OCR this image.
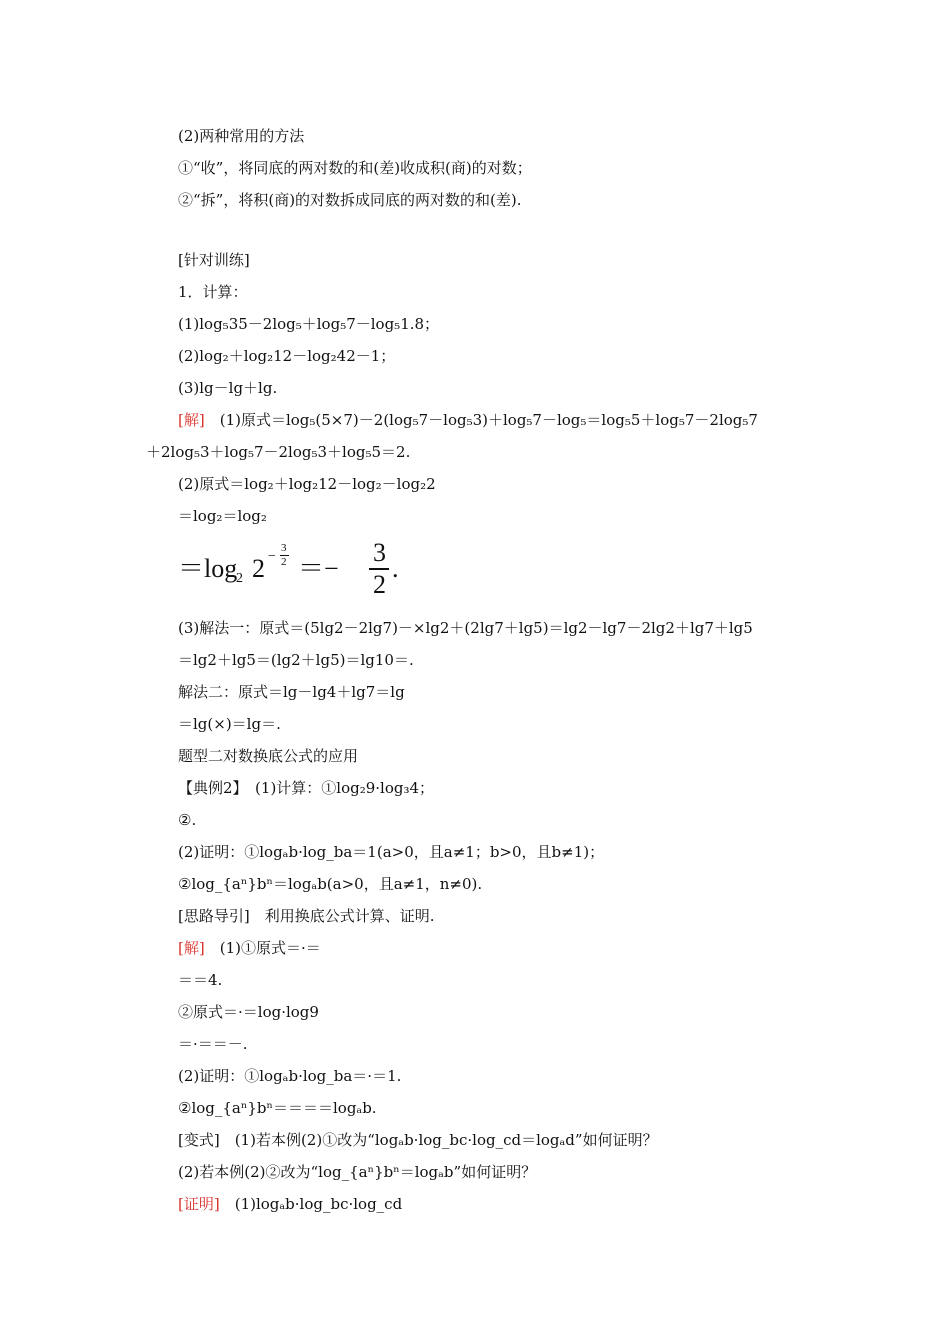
(2)两种常用的方法
①“收”，将同底的两对数的和(差)收成积(商)的对数；
②“拆”，将积(商)的对数拆成同底的两对数的和(差).
[针对训练]
1．计算：
(1)log₅35－2log₅＋log₅7－log₅1.8；
(2)log₂＋log₂12－log₂42－1；
(3)lg－lg＋lg.
[解]　(1)原式＝log₅(5×7)－2(log₅7－log₅3)＋log₅7－log₅＝log₅5＋log₅7－2log₅7
＋2log₅3＋log₅7－2log₅3＋log₅5＝2.
(2)原式＝log₂＋log₂12－log₂－log₂2
＝log₂＝log₂
＝log
2 2 −
3
2 ＝−
3
2
.
(3)解法一：原式＝(5lg2－2lg7)－×lg2＋(2lg7＋lg5)＝lg2－lg7－2lg2＋lg7＋lg5
＝lg2＋lg5＝(lg2＋lg5)＝lg10＝.
解法二：原式＝lg－lg4＋lg7＝lg
＝lg(×)＝lg＝.
题型二对数换底公式的应用
【典例2】　(1)计算：①log₂9·log₃4；
②.
(2)证明：①logₐb·log_ba＝1(a>0，且a≠1；b>0，且b≠1)；
②log_{aⁿ}bⁿ＝logₐb(a>0，且a≠1，n≠0).
[思路导引]　利用换底公式计算、证明.
[解]　(1)①原式＝·＝
＝＝4.
②原式＝·＝log·log9
＝·＝＝－.
(2)证明：①logₐb·log_ba＝·＝1.
②log_{aⁿ}bⁿ＝＝＝＝logₐb.
[变式]　(1)若本例(2)①改为“logₐb·log_bc·log_cd＝logₐd”如何证明？
(2)若本例(2)②改为“log_{aⁿ}bⁿ＝logₐb”如何证明？
[证明]　(1)logₐb·log_bc·log_cd
